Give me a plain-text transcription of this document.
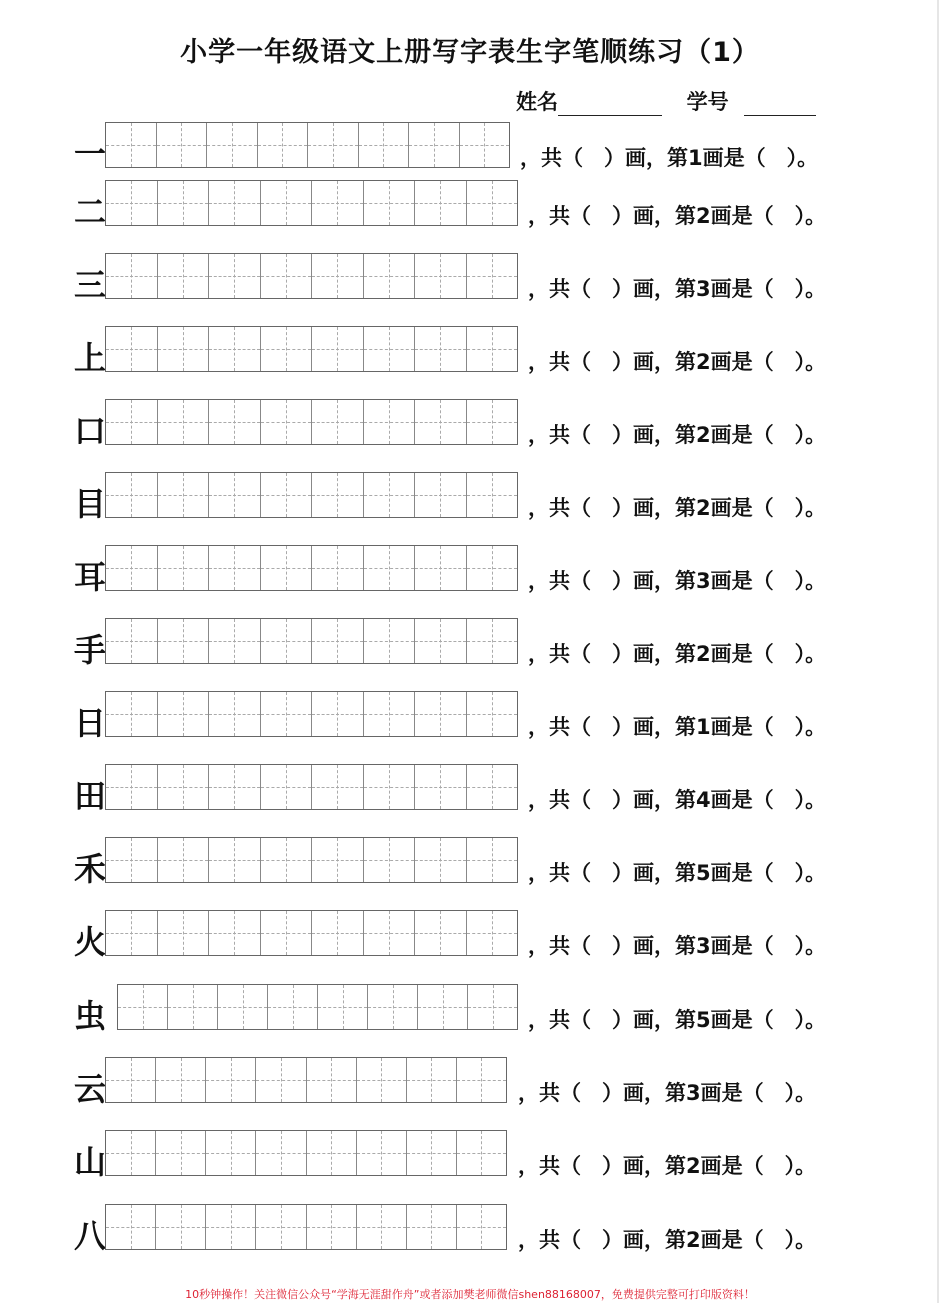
小学一年级语文上册写字表生字笔顺练习（1）
姓名	学号
一	，共（　）画，第1画是（　）。
二	，共（　）画，第2画是（　）。
三	，共（　）画，第3画是（　）。
上	，共（　）画，第2画是（　）。
口	，共（　）画，第2画是（　）。
目	，共（　）画，第2画是（　）。
耳	，共（　）画，第3画是（　）。
手	，共（　）画，第2画是（　）。
日	，共（　）画，第1画是（　）。
田	，共（　）画，第4画是（　）。
禾	，共（　）画，第5画是（　）。
火	，共（　）画，第3画是（　）。
虫	，共（　）画，第5画是（　）。
云	，共（　）画，第3画是（　）。
山	，共（　）画，第2画是（　）。
八	，共（　）画，第2画是（　）。
10秒钟操作！关注微信公众号“学海无涯甜作舟”或者添加樊老师微信shen88168007，免费提供完整可打印版资料！
